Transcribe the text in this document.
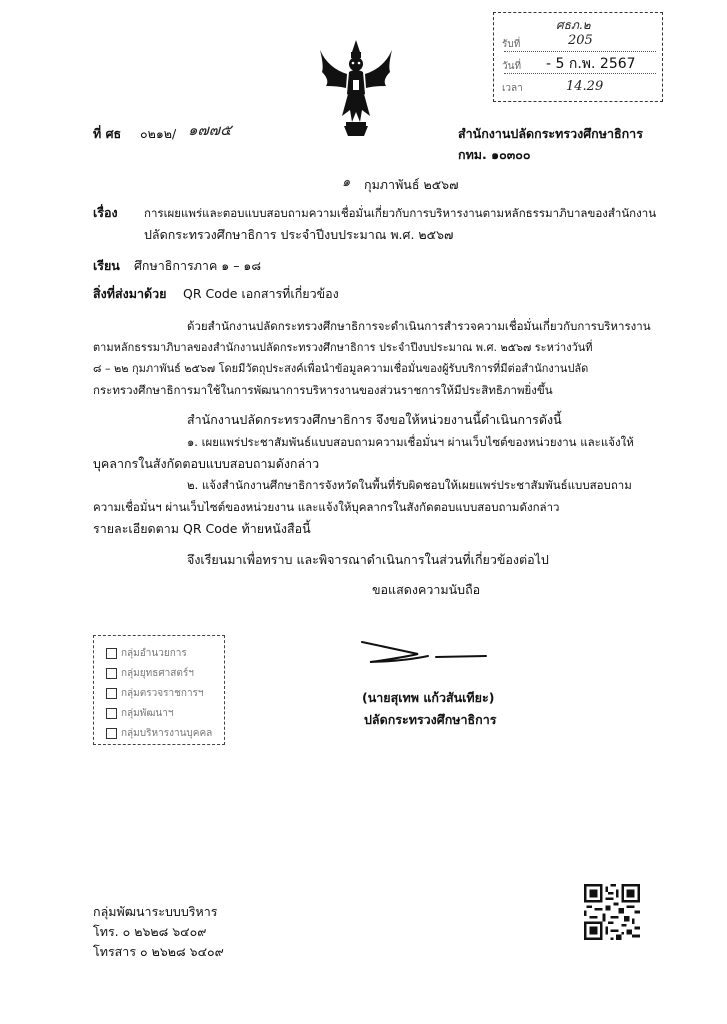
ศธภ.๒
รับที่	205
วันที่ - 5 ก.พ. 2567
เวลา	14.29
ที่ ศธ ๐๒๑๒/ ๑๗๗๕	สำนักงานปลัดกระทรวงศึกษาธิการ
กทม. ๑๐๓๐๐
๑ กุมภาพันธ์ ๒๕๖๗
เรื่อง การเผยแพร่และตอบแบบสอบถามความเชื่อมั่นเกี่ยวกับการบริหารงานตามหลักธรรมาภิบาลของสำนักงาน
ปลัดกระทรวงศึกษาธิการ ประจำปีงบประมาณ พ.ศ. ๒๕๖๗
เรียน ศึกษาธิการภาค ๑ – ๑๘
สิ่งที่ส่งมาด้วย QR Code เอกสารที่เกี่ยวข้อง
ด้วยสำนักงานปลัดกระทรวงศึกษาธิการจะดำเนินการสำรวจความเชื่อมั่นเกี่ยวกับการบริหารงาน
ตามหลักธรรมาภิบาลของสำนักงานปลัดกระทรวงศึกษาธิการ ประจำปีงบประมาณ พ.ศ. ๒๕๖๗ ระหว่างวันที่
๘ – ๒๒ กุมภาพันธ์ ๒๕๖๗ โดยมีวัตถุประสงค์เพื่อนำข้อมูลความเชื่อมั่นของผู้รับบริการที่มีต่อสำนักงานปลัด
กระทรวงศึกษาธิการมาใช้ในการพัฒนาการบริหารงานของส่วนราชการให้มีประสิทธิภาพยิ่งขึ้น
สำนักงานปลัดกระทรวงศึกษาธิการ จึงขอให้หน่วยงานนี้ดำเนินการดังนี้
๑. เผยแพร่ประชาสัมพันธ์แบบสอบถามความเชื่อมั่นฯ ผ่านเว็บไซต์ของหน่วยงาน และแจ้งให้
บุคลากรในสังกัดตอบแบบสอบถามดังกล่าว
๒. แจ้งสำนักงานศึกษาธิการจังหวัดในพื้นที่รับผิดชอบให้เผยแพร่ประชาสัมพันธ์แบบสอบถาม
ความเชื่อมั่นฯ ผ่านเว็บไซต์ของหน่วยงาน และแจ้งให้บุคลากรในสังกัดตอบแบบสอบถามดังกล่าว
รายละเอียดตาม QR Code ท้ายหนังสือนี้
จึงเรียนมาเพื่อทราบ และพิจารณาดำเนินการในส่วนที่เกี่ยวข้องต่อไป
ขอแสดงความนับถือ
(นายสุเทพ แก้วสันเทียะ)
ปลัดกระทรวงศึกษาธิการ
กลุ่มอำนวยการ
กลุ่มยุทธศาสตร์ฯ
กลุ่มตรวจราชการฯ
กลุ่มพัฒนาฯ
กลุ่มบริหารงานบุคคล
กลุ่มพัฒนาระบบบริหาร
โทร. ๐ ๒๖๒๘ ๖๔๐๙
โทรสาร ๐ ๒๖๒๘ ๖๔๐๙
